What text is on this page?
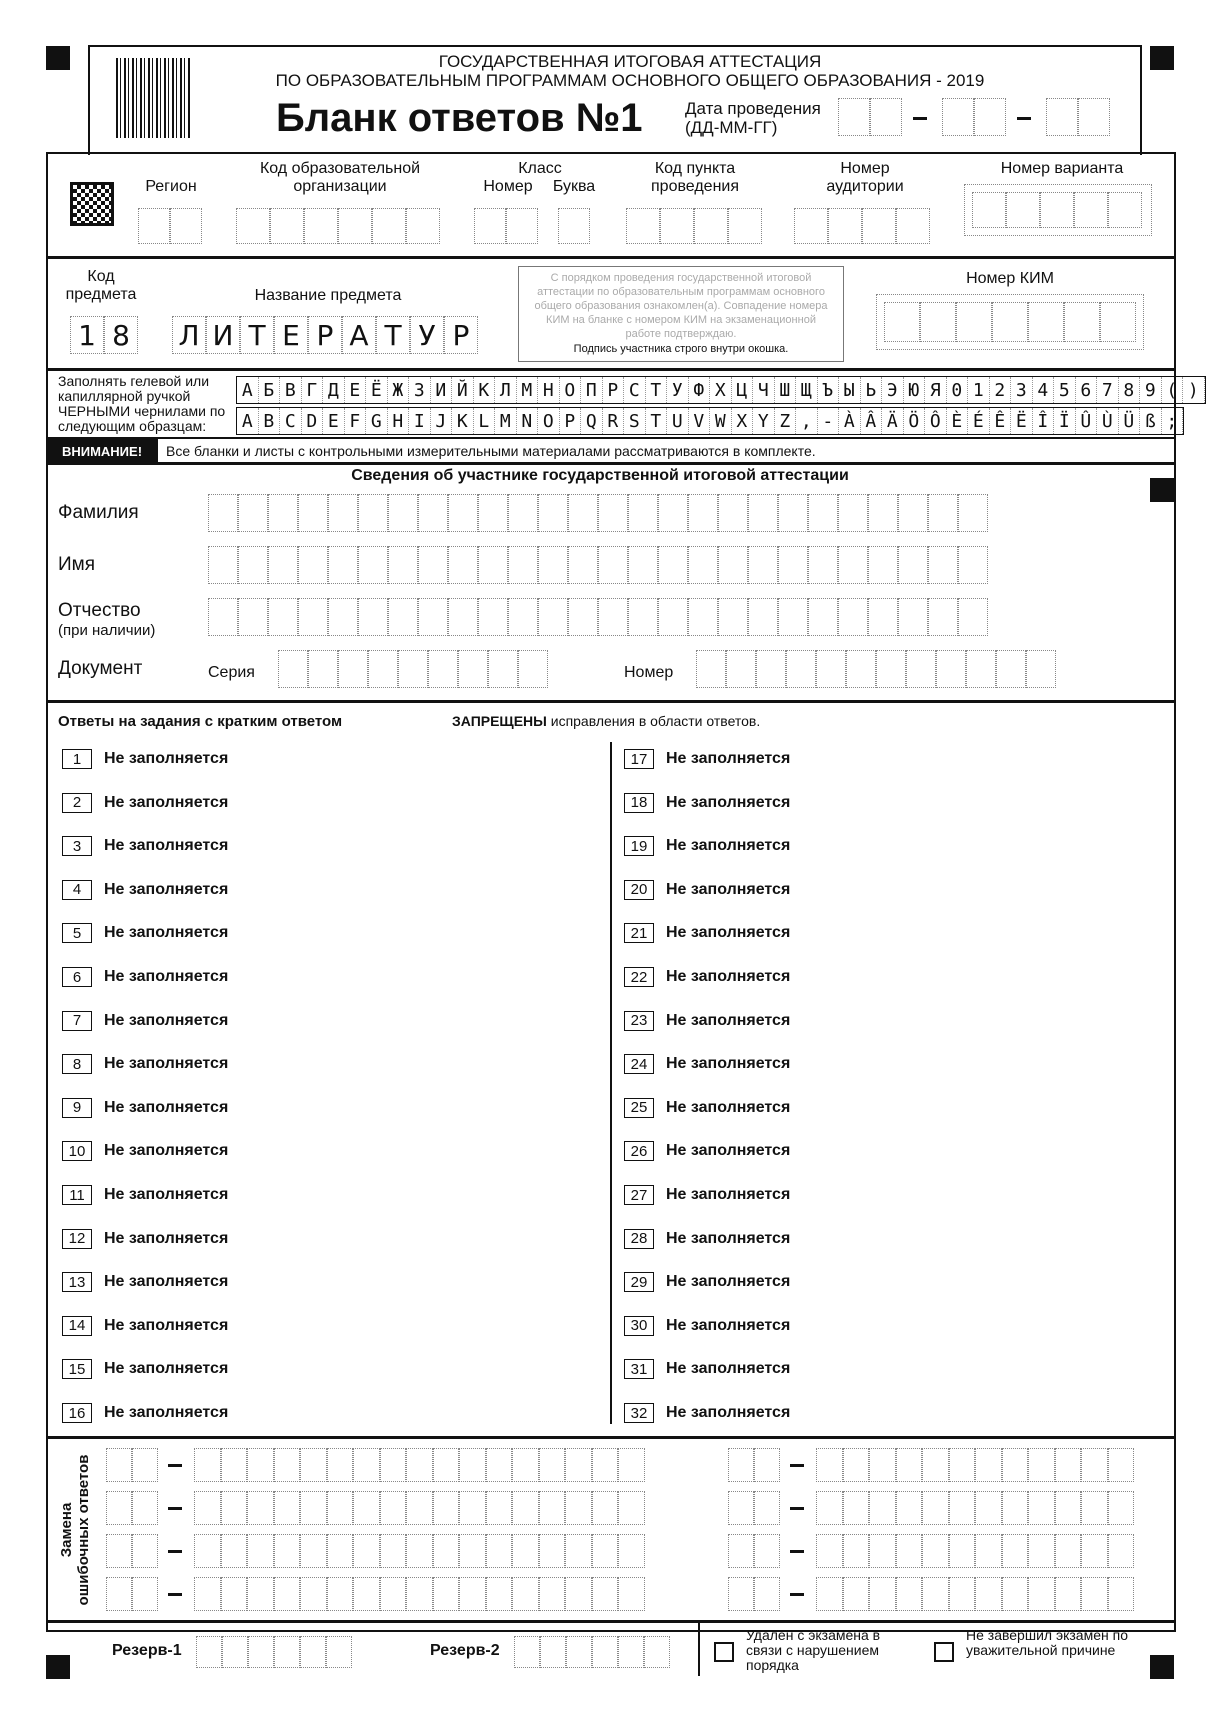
ГОСУДАРСТВЕННАЯ ИТОГОВАЯ АТТЕСТАЦИЯ
ПО ОБРАЗОВАТЕЛЬНЫМ ПРОГРАММАМ ОСНОВНОГО ОБЩЕГО ОБРАЗОВАНИЯ - 2019
Бланк ответов №1 Дата проведения
(ДД-ММ-ГГ)
Регион
Код образовательной организации
Класс
Номер	Буква
Код пункта проведения
Номер аудитории
Номер варианта
Код предмета
1 8
Название предмета
Л И Т Е Р А Т У Р
С порядком проведения государственной итоговой аттестации по образовательным программам основного общего образования ознакомлен(а). Совпадение номера КИМ на бланке с номером КИМ на экзаменационной работе подтверждаю.
Подпись участника строго внутри окошка.
Номер КИМ
Заполнять гелевой или капиллярной ручкой ЧЕРНЫМИ чернилами по следующим образцам:
А Б В Г Д Е Ё Ж З И Й К Л М Н О П Р С Т У Ф Х Ц Ч Ш Щ Ъ Ы Ь Э Ю Я 0 1 2 3 4 5 6 7 8 9 ( )
A B C D E F G H I J K L M N O P Q R S T U V W X Y Z , - À Â Ä Ö Ô È É Ê Ë Î Ï Û Ù Ü ß ;
ВНИМАНИЕ!	Все бланки и листы с контрольными измерительными материалами рассматриваются в комплекте.
Сведения об участнике государственной итоговой аттестации
Фамилия
Имя
Отчество
(при наличии)
Документ	Серия	Номер
Ответы на задания с кратким ответом	ЗАПРЕЩЕНЫ исправления в области ответов.
1	Не заполняется
2	Не заполняется
3	Не заполняется
4	Не заполняется
5	Не заполняется
6	Не заполняется
7	Не заполняется
8	Не заполняется
9	Не заполняется
10	Не заполняется
11	Не заполняется
12	Не заполняется
13	Не заполняется
14	Не заполняется
15	Не заполняется
16	Не заполняется
17	Не заполняется
18	Не заполняется
19	Не заполняется
20	Не заполняется
21	Не заполняется
22	Не заполняется
23	Не заполняется
24	Не заполняется
25	Не заполняется
26	Не заполняется
27	Не заполняется
28	Не заполняется
29	Не заполняется
30	Не заполняется
31	Не заполняется
32	Не заполняется
Замена ошибочных ответов
Резерв-1	Резерв-2
Удален с экзамена в связи с нарушением порядка
Не завершил экзамен по уважительной причине
